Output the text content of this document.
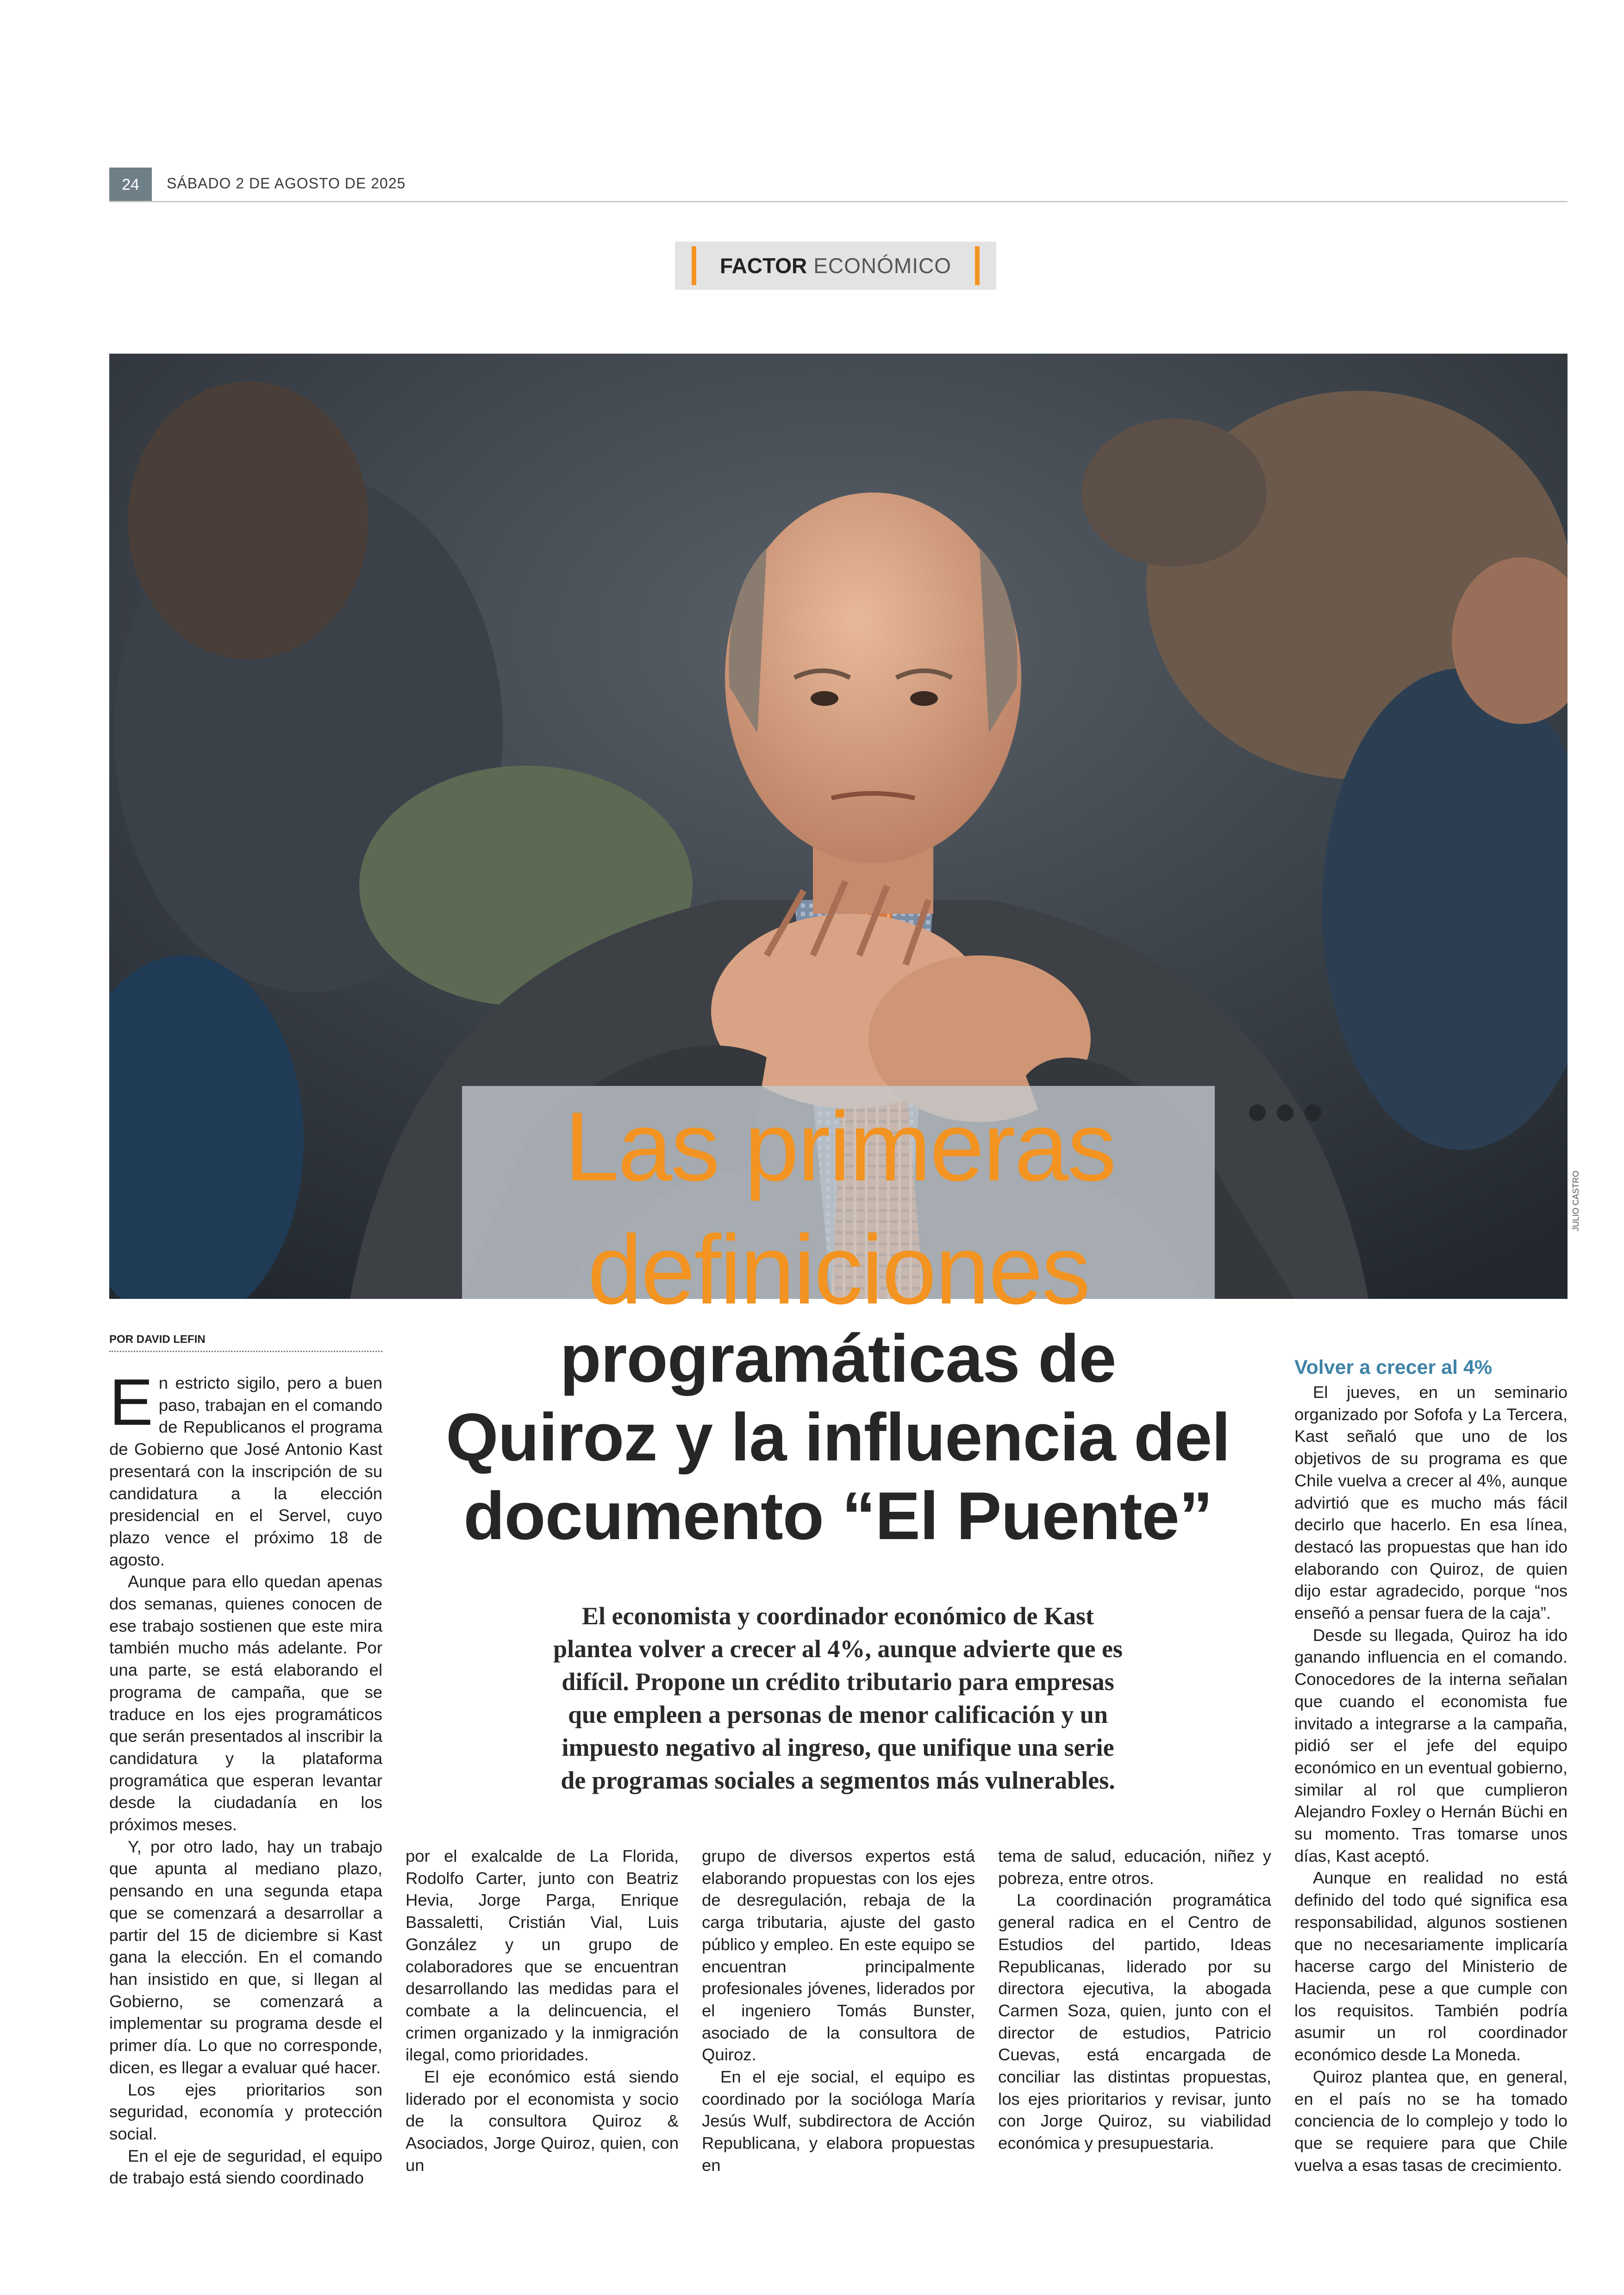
24	SÁBADO 2 DE AGOSTO DE 2025
FACTOR ECONÓMICO
JULIO CASTRO
Las primeras
definiciones
programáticas de
Quiroz y la influencia del
documento “El Puente”
El economista y coordinador económico de Kast
plantea volver a crecer al 4%, aunque advierte que es
difícil. Propone un crédito tributario para empresas
que empleen a personas de menor calificación y un
impuesto negativo al ingreso, que unifique una serie
de programas sociales a segmentos más vulnerables.
POR DAVID LEFIN

En estricto sigilo, pero a buen paso, trabajan en el comando de Republicanos el programa de Gobierno que José Antonio Kast presentará con la inscripción de su candidatura a la elección presidencial en el Servel, cuyo plazo vence el próximo 18 de agosto.

Aunque para ello quedan apenas dos semanas, quienes conocen de ese trabajo sostienen que este mira también mucho más adelante. Por una parte, se está elaborando el programa de campaña, que se traduce en los ejes programáticos que serán presentados al inscribir la candidatura y la plataforma programática que esperan levantar desde la ciudadanía en los próximos meses.

Y, por otro lado, hay un trabajo que apunta al mediano plazo, pensando en una segunda etapa que se comenzará a desarrollar a partir del 15 de diciembre si Kast gana la elección. En el comando han insistido en que, si llegan al Gobierno, se comenzará a implementar su programa desde el primer día. Lo que no corresponde, dicen, es llegar a evaluar qué hacer.

Los ejes prioritarios son seguridad, economía y protección social.

En el eje de seguridad, el equipo de trabajo está siendo coordinado

por el exalcalde de La Florida, Rodolfo Carter, junto con Beatriz Hevia, Jorge Parga, Enrique Bassaletti, Cristián Vial, Luis González y un grupo de colaboradores que se encuentran desarrollando las medidas para el combate a la delincuencia, el crimen organizado y la inmigración ilegal, como prioridades.

El eje económico está siendo liderado por el economista y socio de la consultora Quiroz & Asociados, Jorge Quiroz, quien, con un

grupo de diversos expertos está elaborando propuestas con los ejes de desregulación, rebaja de la carga tributaria, ajuste del gasto público y empleo. En este equipo se encuentran principalmente profesionales jóvenes, liderados por el ingeniero Tomás Bunster, asociado de la consultora de Quiroz.

En el eje social, el equipo es coordinado por la socióloga María Jesús Wulf, subdirectora de Acción Republicana, y elabora propuestas en

tema de salud, educación, niñez y pobreza, entre otros.

La coordinación programática general radica en el Centro de Estudios del partido, Ideas Republicanas, liderado por su directora ejecutiva, la abogada Carmen Soza, quien, junto con el director de estudios, Patricio Cuevas, está encargada de conciliar las distintas propuestas, los ejes prioritarios y revisar, junto con Jorge Quiroz, su viabilidad económica y presupuestaria.

Volver a crecer al 4%

El jueves, en un seminario organizado por Sofofa y La Tercera, Kast señaló que uno de los objetivos de su programa es que Chile vuelva a crecer al 4%, aunque advirtió que es mucho más fácil decirlo que hacerlo. En esa línea, destacó las propuestas que han ido elaborando con Quiroz, de quien dijo estar agradecido, porque “nos enseñó a pensar fuera de la caja”.

Desde su llegada, Quiroz ha ido ganando influencia en el comando. Conocedores de la interna señalan que cuando el economista fue invitado a integrarse a la campaña, pidió ser el jefe del equipo económico en un eventual gobierno, similar al rol que cumplieron Alejandro Foxley o Hernán Büchi en su momento. Tras tomarse unos días, Kast aceptó.

Aunque en realidad no está definido del todo qué significa esa responsabilidad, algunos sostienen que no necesariamente implicaría hacerse cargo del Ministerio de Hacienda, pese a que cumple con los requisitos. También podría asumir un rol coordinador económico desde La Moneda.

Quiroz plantea que, en general, en el país no se ha tomado conciencia de lo complejo y todo lo que se requiere para que Chile vuelva a esas tasas de crecimiento.
